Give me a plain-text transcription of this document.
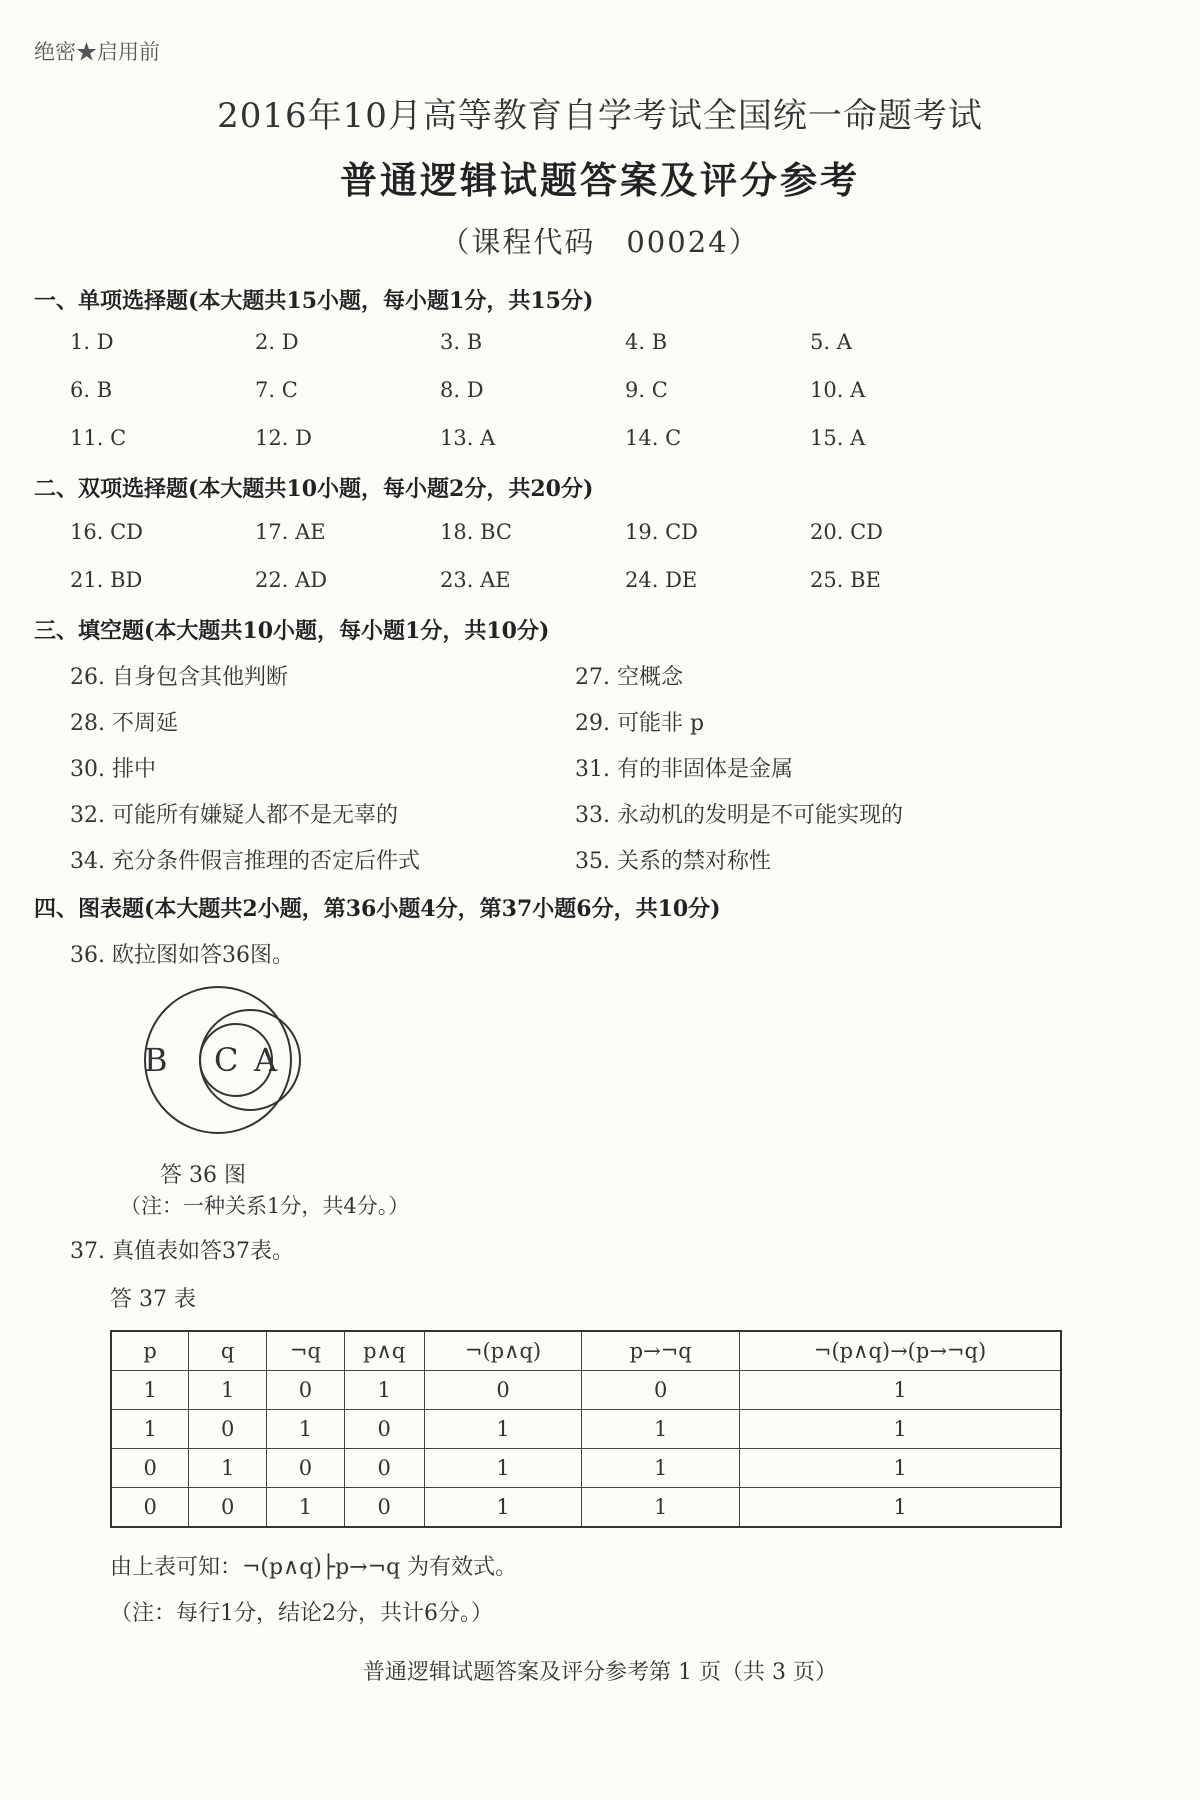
绝密★启用前
2016年10月高等教育自学考试全国统一命题考试
普通逻辑试题答案及评分参考
（课程代码　00024）
一、单项选择题(本大题共15小题，每小题1分，共15分)
1. D	2. D	3. B	4. B	5. A
6. B	7. C	8. D	9. C	10. A
11. C	12. D	13. A	14. C	15. A
二、双项选择题(本大题共10小题，每小题2分，共20分)
16. CD	17. AE	18. BC	19. CD	20. CD
21. BD	22. AD	23. AE	24. DE	25. BE
三、填空题(本大题共10小题，每小题1分，共10分)
26. 自身包含其他判断	27. 空概念
28. 不周延	29. 可能非 p
30. 排中	31. 有的非固体是金属
32. 可能所有嫌疑人都不是无辜的	33. 永动机的发明是不可能实现的
34. 充分条件假言推理的否定后件式	35. 关系的禁对称性
四、图表题(本大题共2小题，第36小题4分，第37小题6分，共10分)
36. 欧拉图如答36图。
B C A
答 36 图
（注：一种关系1分，共4分。）
37. 真值表如答37表。
答 37 表
p	q	¬q	p∧q	¬(p∧q)	p→¬q	¬(p∧q)→(p→¬q)
1	1	0	1	0	0	1
1	0	1	0	1	1	1
0	1	0	0	1	1	1
0	0	1	0	1	1	1
由上表可知：¬(p∧q)├p→¬q 为有效式。
（注：每行1分，结论2分，共计6分。）
普通逻辑试题答案及评分参考第 1 页（共 3 页）
